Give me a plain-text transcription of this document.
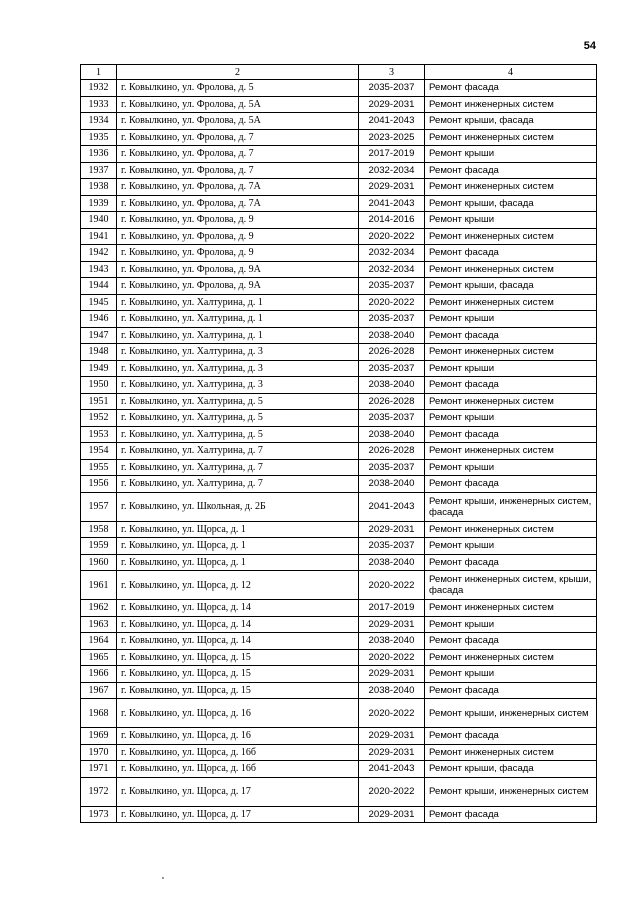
54
1	2	3	4
1932	г. Ковылкино, ул. Фролова, д. 5	2035-2037	Ремонт фасада
1933	г. Ковылкино, ул. Фролова, д. 5А	2029-2031	Ремонт инженерных систем
1934	г. Ковылкино, ул. Фролова, д. 5А	2041-2043	Ремонт крыши, фасада
1935	г. Ковылкино, ул. Фролова, д. 7	2023-2025	Ремонт инженерных систем
1936	г. Ковылкино, ул. Фролова, д. 7	2017-2019	Ремонт крыши
1937	г. Ковылкино, ул. Фролова, д. 7	2032-2034	Ремонт фасада
1938	г. Ковылкино, ул. Фролова, д. 7А	2029-2031	Ремонт инженерных систем
1939	г. Ковылкино, ул. Фролова, д. 7А	2041-2043	Ремонт крыши, фасада
1940	г. Ковылкино, ул. Фролова, д. 9	2014-2016	Ремонт крыши
1941	г. Ковылкино, ул. Фролова, д. 9	2020-2022	Ремонт инженерных систем
1942	г. Ковылкино, ул. Фролова, д. 9	2032-2034	Ремонт фасада
1943	г. Ковылкино, ул. Фролова, д. 9А	2032-2034	Ремонт инженерных систем
1944	г. Ковылкино, ул. Фролова, д. 9А	2035-2037	Ремонт крыши, фасада
1945	г. Ковылкино, ул. Халтурина, д. 1	2020-2022	Ремонт инженерных систем
1946	г. Ковылкино, ул. Халтурина, д. 1	2035-2037	Ремонт крыши
1947	г. Ковылкино, ул. Халтурина, д. 1	2038-2040	Ремонт фасада
1948	г. Ковылкино, ул. Халтурина, д. 3	2026-2028	Ремонт инженерных систем
1949	г. Ковылкино, ул. Халтурина, д. 3	2035-2037	Ремонт крыши
1950	г. Ковылкино, ул. Халтурина, д. 3	2038-2040	Ремонт фасада
1951	г. Ковылкино, ул. Халтурина, д. 5	2026-2028	Ремонт инженерных систем
1952	г. Ковылкино, ул. Халтурина, д. 5	2035-2037	Ремонт крыши
1953	г. Ковылкино, ул. Халтурина, д. 5	2038-2040	Ремонт фасада
1954	г. Ковылкино, ул. Халтурина, д. 7	2026-2028	Ремонт инженерных систем
1955	г. Ковылкино, ул. Халтурина, д. 7	2035-2037	Ремонт крыши
1956	г. Ковылкино, ул. Халтурина, д. 7	2038-2040	Ремонт фасада
1957	г. Ковылкино, ул. Школьная, д. 2Б	2041-2043	Ремонт крыши, инженерных систем, фасада
1958	г. Ковылкино, ул. Щорса, д. 1	2029-2031	Ремонт инженерных систем
1959	г. Ковылкино, ул. Щорса, д. 1	2035-2037	Ремонт крыши
1960	г. Ковылкино, ул. Щорса, д. 1	2038-2040	Ремонт фасада
1961	г. Ковылкино, ул. Щорса, д. 12	2020-2022	Ремонт инженерных систем, крыши, фасада
1962	г. Ковылкино, ул. Щорса, д. 14	2017-2019	Ремонт инженерных систем
1963	г. Ковылкино, ул. Щорса, д. 14	2029-2031	Ремонт крыши
1964	г. Ковылкино, ул. Щорса, д. 14	2038-2040	Ремонт фасада
1965	г. Ковылкино, ул. Щорса, д. 15	2020-2022	Ремонт инженерных систем
1966	г. Ковылкино, ул. Щорса, д. 15	2029-2031	Ремонт крыши
1967	г. Ковылкино, ул. Щорса, д. 15	2038-2040	Ремонт фасада
1968	г. Ковылкино, ул. Щорса, д. 16	2020-2022	Ремонт крыши, инженерных систем
1969	г. Ковылкино, ул. Щорса, д. 16	2029-2031	Ремонт фасада
1970	г. Ковылкино, ул. Щорса, д. 16б	2029-2031	Ремонт инженерных систем
1971	г. Ковылкино, ул. Щорса, д. 16б	2041-2043	Ремонт крыши, фасада
1972	г. Ковылкино, ул. Щорса, д. 17	2020-2022	Ремонт крыши, инженерных систем
1973	г. Ковылкино, ул. Щорса, д. 17	2029-2031	Ремонт фасада
